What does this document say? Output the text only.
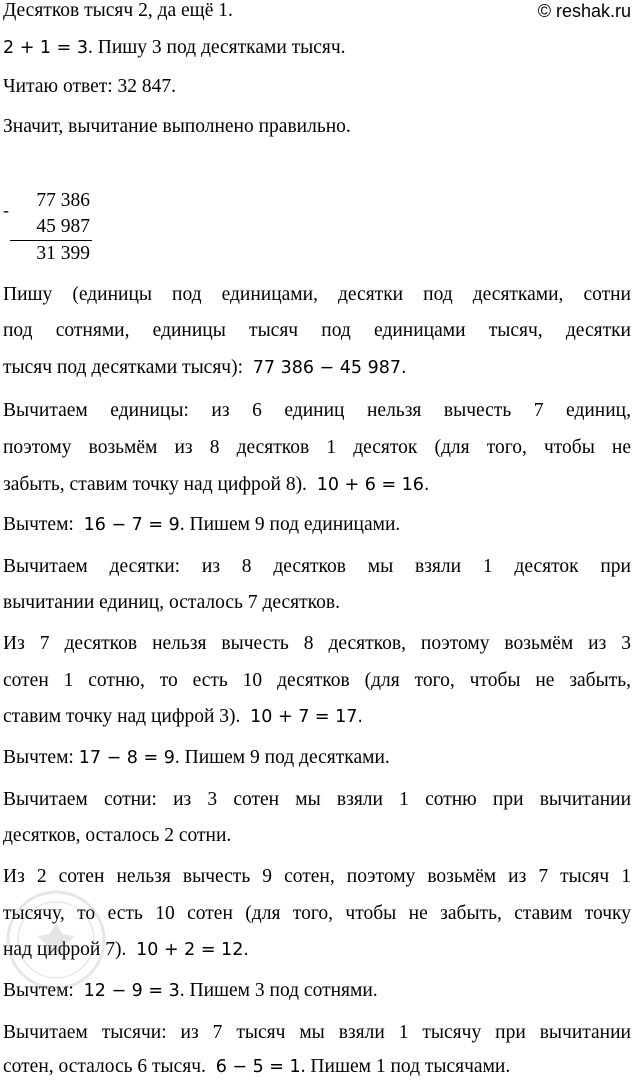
Десятков тысяч 2, да ещё 1.	© reshak.ru
2 + 1 = 3. Пишу 3 под десятками тысяч.
Читаю ответ: 32 847.
Значит, вычитание выполнено правильно.
-	77 386
45 987
31 399
Пишу (единицы под единицами, десятки под десятками, сотни
под сотнями, единицы тысяч под единицами тысяч, десятки
тысяч под десятками тысяч): 77 386 − 45 987.
Вычитаем единицы: из 6 единиц нельзя вычесть 7 единиц,
поэтому возьмём из 8 десятков 1 десяток (для того, чтобы не
забыть, ставим точку над цифрой 8). 10 + 6 = 16.
Вычтем: 16 − 7 = 9. Пишем 9 под единицами.
Вычитаем десятки: из 8 десятков мы взяли 1 десяток при
вычитании единиц, осталось 7 десятков.
Из 7 десятков нельзя вычесть 8 десятков, поэтому возьмём из 3
сотен 1 сотню, то есть 10 десятков (для того, чтобы не забыть,
ставим точку над цифрой 3). 10 + 7 = 17.
Вычтем: 17 − 8 = 9. Пишем 9 под десятками.
Вычитаем сотни: из 3 сотен мы взяли 1 сотню при вычитании
десятков, осталось 2 сотни.
Из 2 сотен нельзя вычесть 9 сотен, поэтому возьмём из 7 тысяч 1
тысячу, то есть 10 сотен (для того, чтобы не забыть, ставим точку
над цифрой 7). 10 + 2 = 12.
Вычтем: 12 − 9 = 3. Пишем 3 под сотнями.
Вычитаем тысячи: из 7 тысяч мы взяли 1 тысячу при вычитании
сотен, осталось 6 тысяч. 6 − 5 = 1. Пишем 1 под тысячами.
